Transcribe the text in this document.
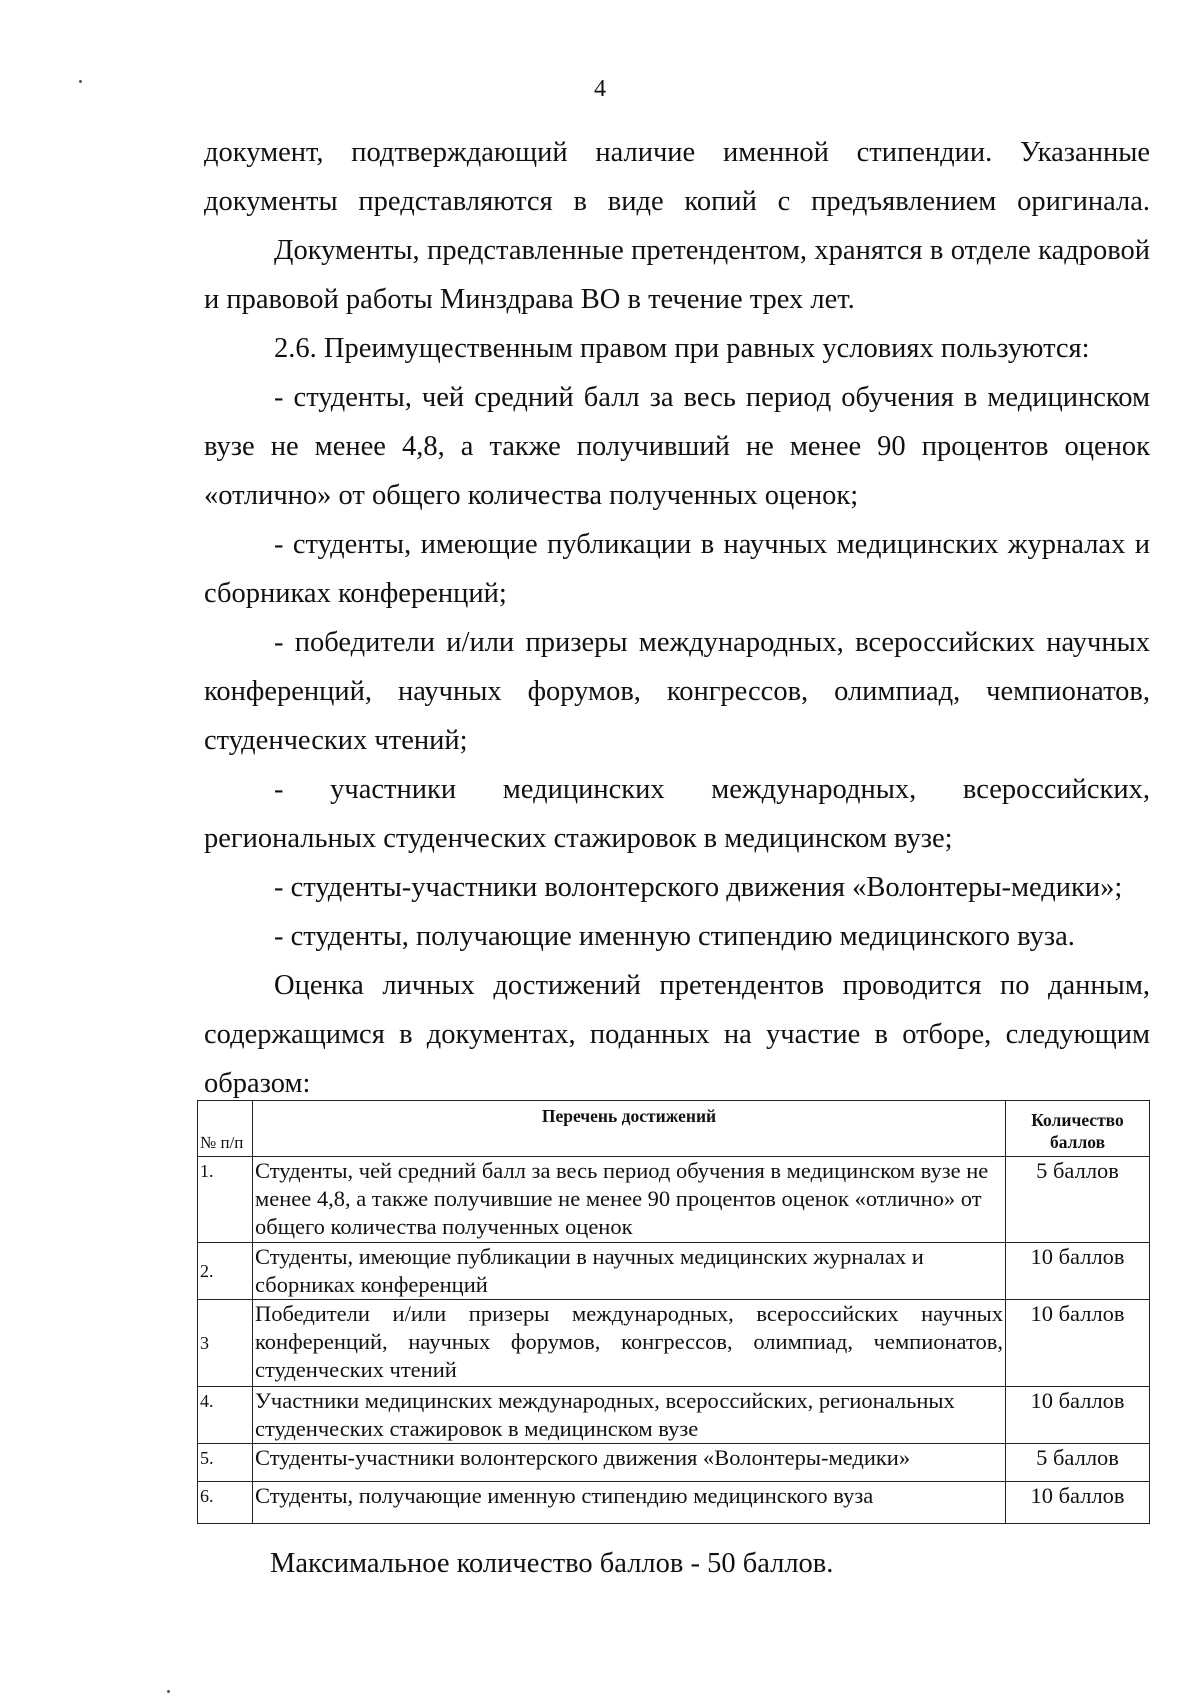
4

документ, подтверждающий наличие именной стипендии. Указанные документы представляются в виде копий с предъявлением оригинала.

Документы, представленные претендентом, хранятся в отделе кадровой и правовой работы Минздрава ВО в течение трех лет.

2.6. Преимущественным правом при равных условиях пользуются:

- студенты, чей средний балл за весь период обучения в медицинском вузе не менее 4,8, а также получивший не менее 90 процентов оценок «отлично» от общего количества полученных оценок;

- студенты, имеющие публикации в научных медицинских журналах и сборниках конференций;

- победители и/или призеры международных, всероссийских научных конференций, научных форумов, конгрессов, олимпиад, чемпионатов, студенческих чтений;

- участники медицинских международных, всероссийских, региональных студенческих стажировок в медицинском вузе;

- студенты-участники волонтерского движения «Волонтеры-медики»;

- студенты, получающие именную стипендию медицинского вуза.

Оценка личных достижений претендентов проводится по данным, содержащимся в документах, поданных на участие в отборе, следующим образом:

№ п/п	Перечень достижений	Количество баллов
1.	Студенты, чей средний балл за весь период обучения в медицинском вузе не менее 4,8, а также получившие не менее 90 процентов оценок «отлично» от общего количества полученных оценок	5 баллов
2.	Студенты, имеющие публикации в научных медицинских журналах и сборниках конференций	10 баллов
3	Победители и/или призеры международных, всероссийских научных конференций, научных форумов, конгрессов, олимпиад, чемпионатов, студенческих чтений	10 баллов
4.	Участники медицинских международных, всероссийских, региональных студенческих стажировок в медицинском вузе	10 баллов
5.	Студенты-участники волонтерского движения «Волонтеры-медики»	5 баллов
6.	Студенты, получающие именную стипендию медицинского вуза	10 баллов
Максимальное количество баллов - 50 баллов.
